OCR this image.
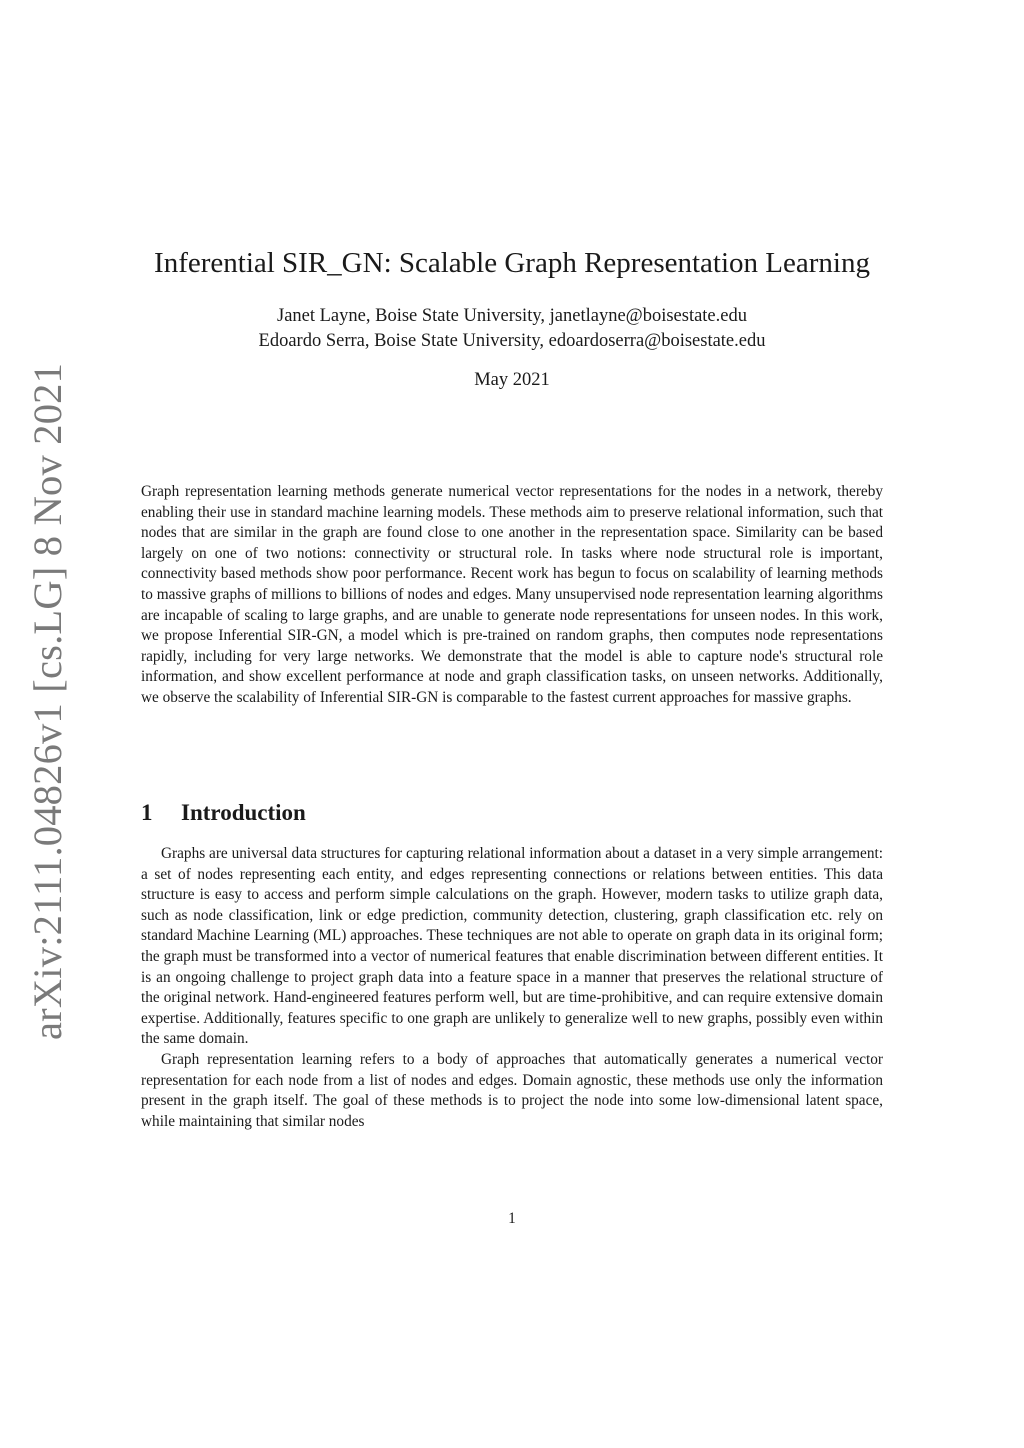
arXiv:2111.04826v1 [cs.LG] 8 Nov 2021
Inferential SIR_GN: Scalable Graph Representation Learning
Janet Layne, Boise State University, janetlayne@boisestate.edu
Edoardo Serra, Boise State University, edoardoserra@boisestate.edu
May 2021

Graph representation learning methods generate numerical vector representations for the nodes in a network, thereby enabling their use in standard machine learning models. These methods aim to preserve relational information, such that nodes that are similar in the graph are found close to one another in the representation space. Similarity can be based largely on one of two notions: connectivity or structural role. In tasks where node structural role is important, connectivity based methods show poor performance. Recent work has begun to focus on scalability of learning methods to massive graphs of millions to billions of nodes and edges. Many unsupervised node representation learning algorithms are incapable of scaling to large graphs, and are unable to generate node representations for unseen nodes. In this work, we propose Inferential SIR-GN, a model which is pre-trained on random graphs, then computes node representations rapidly, including for very large networks. We demonstrate that the model is able to capture node's structural role information, and show excellent performance at node and graph classification tasks, on unseen networks. Additionally, we observe the scalability of Inferential SIR-GN is comparable to the fastest current approaches for massive graphs.

1 Introduction

Graphs are universal data structures for capturing relational information about a dataset in a very simple arrangement: a set of nodes representing each entity, and edges representing connections or relations between entities. This data structure is easy to access and perform simple calculations on the graph. However, modern tasks to utilize graph data, such as node classification, link or edge prediction, community detection, clustering, graph classification etc. rely on standard Machine Learning (ML) approaches. These techniques are not able to operate on graph data in its original form; the graph must be transformed into a vector of numerical features that enable discrimination between different entities. It is an ongoing challenge to project graph data into a feature space in a manner that preserves the relational structure of the original network. Hand-engineered features perform well, but are time-prohibitive, and can require extensive domain expertise. Additionally, features specific to one graph are unlikely to generalize well to new graphs, possibly even within the same domain.

Graph representation learning refers to a body of approaches that automatically generates a numerical vector representation for each node from a list of nodes and edges. Domain agnostic, these methods use only the information present in the graph itself. The goal of these methods is to project the node into some low-dimensional latent space, while maintaining that similar nodes

1
